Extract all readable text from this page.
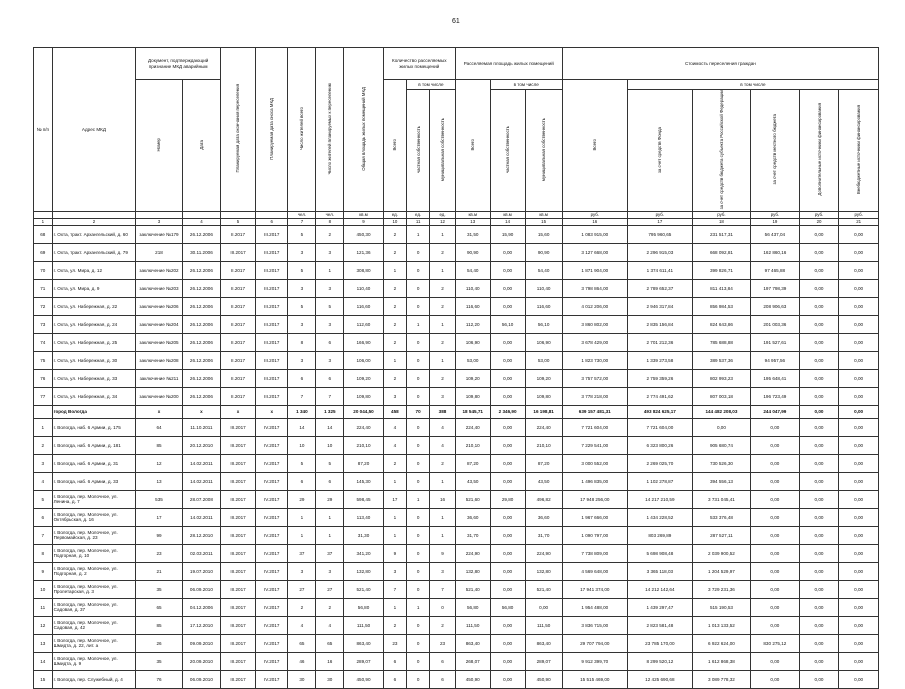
61
№ п/п	Адрес МКД	Документ, подтверждающий признание МКД аварийным		Планируемая дата окончания переселения	Планируемая дата сноса МКД	Число жителей всего	Число жителей планируемых к переселению	Общая площадь жилых помещений МКД	Количество расселяемых жилых помещений			Расселяемая площадь жилых помещений			Стоимость переселения граждан					
		Номер	Дата						Всего	в том числе		Всего	в том числе		Всего	в том числе				
										частная собственность	муниципальная собственность		частная собственность	муниципальная собственность		за счет средств Фонда	за счет средств бюджета субъекта Российской Федерации	за счет средств местного бюджета	Дополнительные источники финансирования	Внебюджетные источники финансирования
						чел.	чел.	кв.м	ед.	ед.	ед.	кв.м	кв.м	кв.м	руб.	руб.	руб.	руб.	руб.	руб.
1	2	3	4	5	6	7	8	9	10	11	12	13	14	15	16	17	18	19	20	21
68	г. Охта, тракт. Архангельский, д. 60	заключение №179	26.12.2006	II.2017	III.2017	5	2	450,30	2	1	1	31,50	15,90	15,60	1 083 915,00	795 960,65	231 517,31	56 437,04	0,00	0,00
69	г. Охта, тракт. Архангельский, д. 79	218	30.11.2006	III.2017	III.2017	3	3	121,36	2	0	2	90,90	0,00	90,90	3 127 668,00	2 296 915,03	668 092,81	162 860,16	0,00	0,00
70	г. Охта, ул. Мира, д. 12	заключение №202	26.12.2006	II.2017	III.2017	5	1	308,80	1	0	1	54,40	0,00	54,40	1 871 904,00	1 374 611,41	399 826,71	97 465,88	0,00	0,00
71	г. Охта, ул. Мира, д. 9	заключение №203	26.12.2006	II.2017	III.2017	3	3	110,40	2	0	2	110,40	0,00	110,40	3 798 864,00	2 789 652,37	811 413,84	197 798,39	0,00	0,00
72	г. Охта, ул. Набережная, д. 22	заключение №206	26.12.2006	II.2017	III.2017	5	5	116,60	2	0	2	116,60	0,00	116,60	4 012 206,00	2 946 317,84	856 984,53	208 906,63	0,00	0,00
73	г. Охта, ул. Набережная, д. 24	заключение №204	26.12.2006	II.2017	III.2017	3	3	112,60	2	1	1	112,20	56,10	56,10	3 860 802,00	2 835 156,84	824 643,86	201 003,36	0,00	0,00
74	г. Охта, ул. Набережная, д. 25	заключение №205	26.12.2006	II.2017	III.2017	8	6	166,90	2	0	2	106,90	0,00	106,90	3 678 429,00	2 701 212,36	785 688,88	191 527,61	0,00	0,00
75	г. Охта, ул. Набережная, д. 30	заключение №208	26.12.2006	II.2017	III.2017	3	3	106,00	1	0	1	53,00	0,00	53,00	1 823 730,00	1 339 273,58	389 537,36	94 957,56	0,00	0,00
76	г. Охта, ул. Набережная, д. 33	заключение №211	26.12.2006	II.2017	III.2017	6	6	109,20	2	0	2	109,20	0,00	109,20	3 757 572,00	2 759 359,26	802 993,23	195 648,41	0,00	0,00
77	г. Охта, ул. Набережная, д. 34	заключение №200	26.12.2006	II.2017	III.2017	7	7	109,80	3	0	3	109,80	0,00	109,80	3 778 218,00	2 774 491,62	807 003,18	196 723,49	0,00	0,00
	город Вологда	x	x	x	x	1 340	1 325	20 044,50	458	70	388	18 545,71	2 346,90	16 198,81	639 157 481,31	493 824 625,17	144 482 208,03	244 047,99	0,00	0,00
1	г. Вологда, наб. 6 Армии, д. 175	64	11.10.2011	III.2017	IV.2017	14	14	224,40	4	0	4	224,40	0,00	224,40	7 721 604,00	7 721 604,00	0,00	0,00	0,00	0,00
2	г. Вологда, наб. 6 Армии, д. 181	85	20.12.2010	III.2017	IV.2017	10	10	210,10	4	0	4	210,10	0,00	210,10	7 229 541,00	6 323 800,26	905 680,74	0,00	0,00	0,00
3	г. Вологда, наб. 6 Армии, д. 31	12	14.02.2011	III.2017	IV.2017	5	5	87,20	2	0	2	87,20	0,00	87,20	3 000 552,00	2 269 025,70	730 526,30	0,00	0,00	0,00
4	г. Вологда, наб. 6 Армии, д. 33	13	14.02.2011	III.2017	IV.2017	6	6	145,30	1	0	1	43,50	0,00	43,50	1 496 835,00	1 102 278,87	394 556,13	0,00	0,00	0,00
5	г. Вологда, пер. Молочное, ул. Ленина, д. 7	535	28.07.2008	III.2017	IV.2017	29	29	598,45	17	1	16	521,60	29,80	496,82	17 948 256,00	14 217 210,59	3 731 045,41	0,00	0,00	0,00
6	г. Вологда, пер. Молочное, ул. Октябрьская, д. 16	17	14.02.2011	III.2017	IV.2017	1	1	113,40	1	0	1	36,60	0,00	36,60	1 967 666,00	1 434 228,52	533 376,48	0,00	0,00	0,00
7	г. Вологда, пер. Молочное, ул. Первомайская, д. 23	99	28.12.2010	III.2017	IV.2017	1	1	31,30	1	0	1	31,70	0,00	31,70	1 090 797,00	803 269,89	287 527,11	0,00	0,00	0,00
8	г. Вологда, пер. Молочное, ул. Подгорная, д. 10	23	02.03.2011	III.2017	IV.2017	37	37	341,20	9	0	9	224,90	0,00	224,90	7 738 809,00	5 698 908,48	2 039 900,52	0,00	0,00	0,00
9	г. Вологда, пер. Молочное, ул. Подгорная, д. 2	21	19.07.2010	III.2017	IV.2017	3	3	132,80	3	0	3	132,80	0,00	132,80	4 569 648,00	3 365 118,03	1 204 529,97	0,00	0,00	0,00
10	г. Вологда, пер. Молочное, ул. Пролетарская, д. 3	35	06.09.2010	III.2017	IV.2017	27	27	521,40	7	0	7	521,40	0,00	521,40	17 941 374,00	14 212 142,64	3 729 231,36	0,00	0,00	0,00
11	г. Вологда, пер. Молочное, ул. Садовая, д. 37	65	04.12.2006	III.2017	IV.2017	2	2	56,80	1	1	0	56,80	56,80	0,00	1 954 488,00	1 439 297,47	515 190,53	0,00	0,00	0,00
12	г. Вологда, пер. Молочное, ул. Садовая, д. 42	85	17.12.2010	III.2017	IV.2017	4	4	111,50	2	0	2	111,50	0,00	111,50	3 836 715,00	2 823 581,48	1 013 133,52	0,00	0,00	0,00
13	г. Вологда, пер. Молочное, ул. Шмидта, д. 22, лит. а	26	09.09.2010	III.2017	IV.2017	65	65	863,40	23	0	23	863,40	0,00	863,40	29 707 794,00	23 785 170,00	6 922 624,00	830 275,12	0,00	0,00
14	г. Вологда, пер. Молочное, ул. Шмидта, д. 9	35	20.09.2010	III.2017	IV.2017	46	16	289,07	6	0	6	268,07	0,00	289,07	9 912 399,70	8 299 520,12	1 612 868,38	0,00	0,00	0,00
15	г. Вологда, пер. Служебный, д. 4	76	06.09.2010	III.2017	IV.2017	30	30	450,90	6	0	6	450,90	0,00	450,90	15 515 469,00	12 425 690,68	3 089 778,32	0,00	0,00	0,00
